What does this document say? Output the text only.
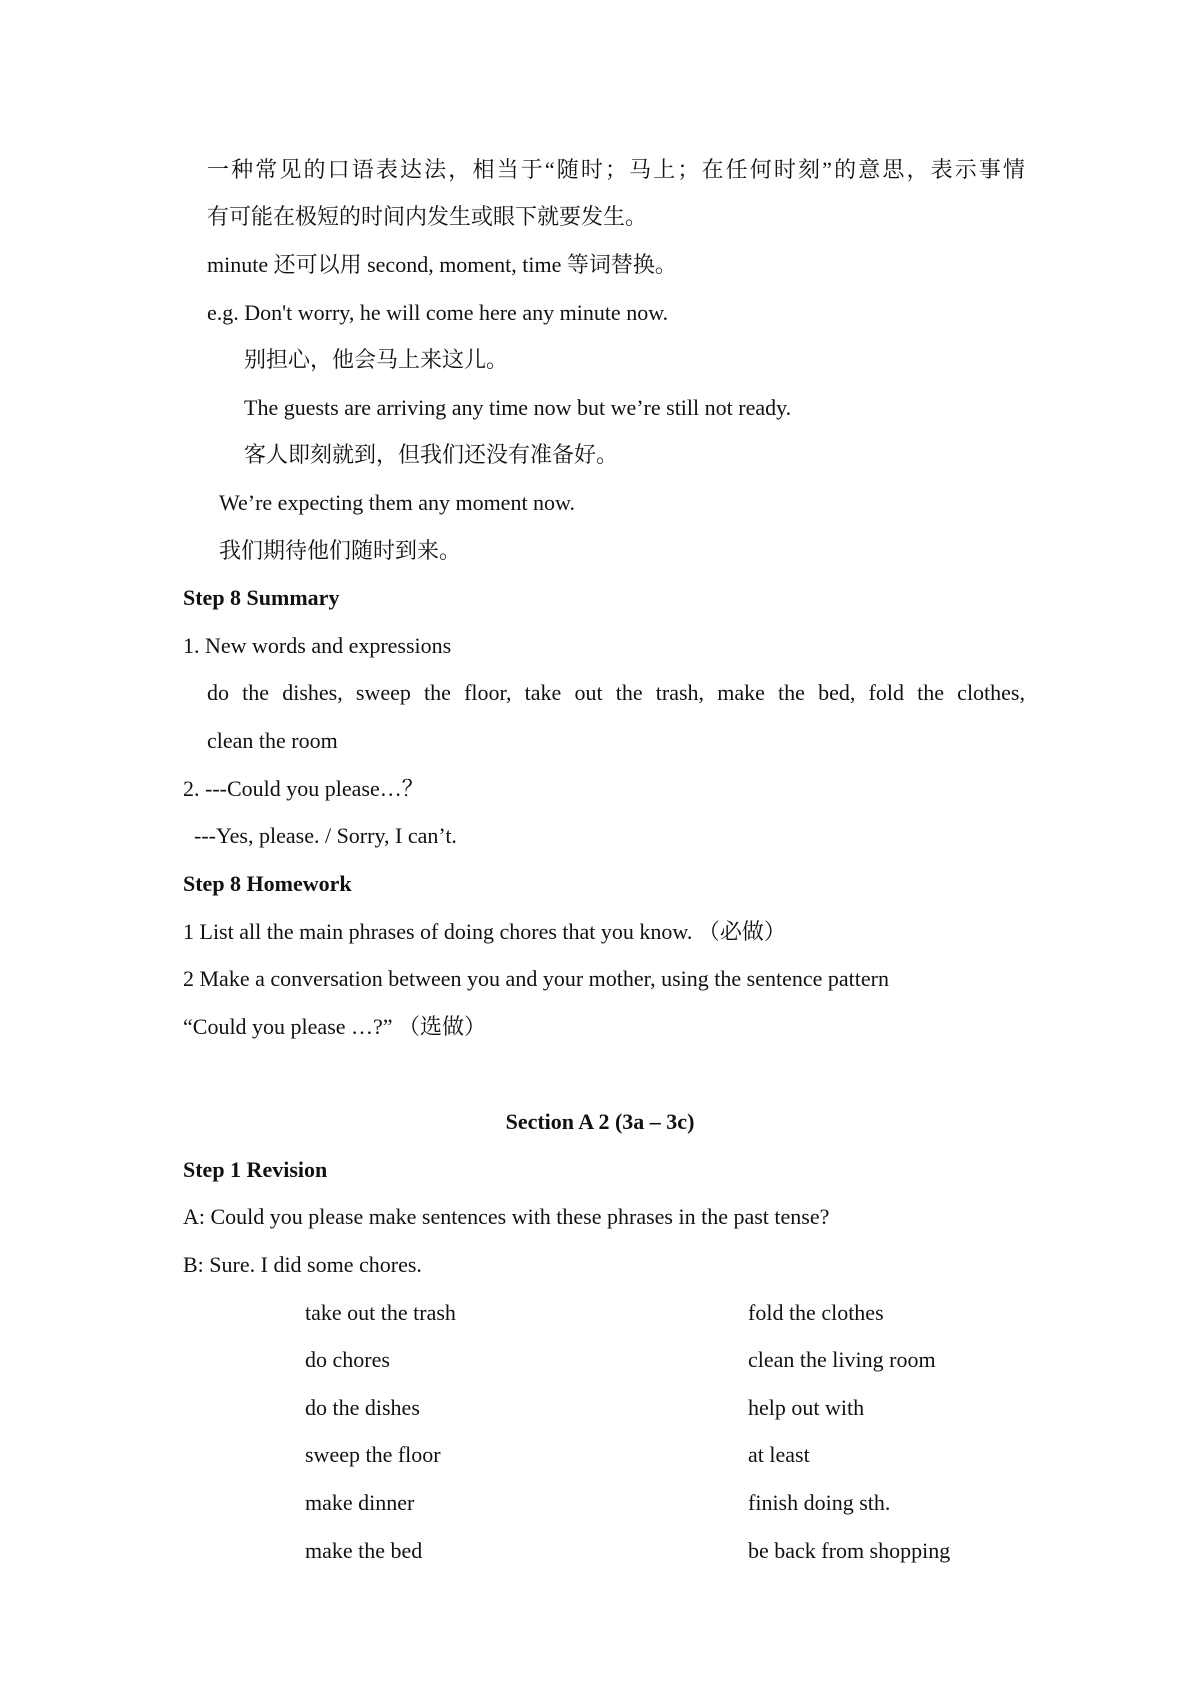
一种常见的口语表达法，相当于“随时；马上；在任何时刻”的意思，表示事情
有可能在极短的时间内发生或眼下就要发生。
minute 还可以用 second, moment, time 等词替换。
e.g. Don't worry, he will come here any minute now.
别担心，他会马上来这儿。
The guests are arriving any time now but we’re still not ready.
客人即刻就到，但我们还没有准备好。
We’re expecting them any moment now.
我们期待他们随时到来。
Step 8 Summary
1. New words and expressions
do the dishes, sweep the floor, take out the trash, make the bed, fold the clothes,
clean the room
2. ---Could you please…？
---Yes, please. / Sorry, I can’t.
Step 8 Homework
1 List all the main phrases of doing chores that you know. （必做）
2 Make a conversation between you and your mother, using the sentence pattern
“Could you please …?” （选做）
Section A 2 (3a – 3c)
Step 1 Revision
A: Could you please make sentences with these phrases in the past tense?
B: Sure. I did some chores.
take out the trash	fold the clothes
do chores	clean the living room
do the dishes	help out with
sweep the floor	at least
make dinner	finish doing sth.
make the bed	be back from shopping
